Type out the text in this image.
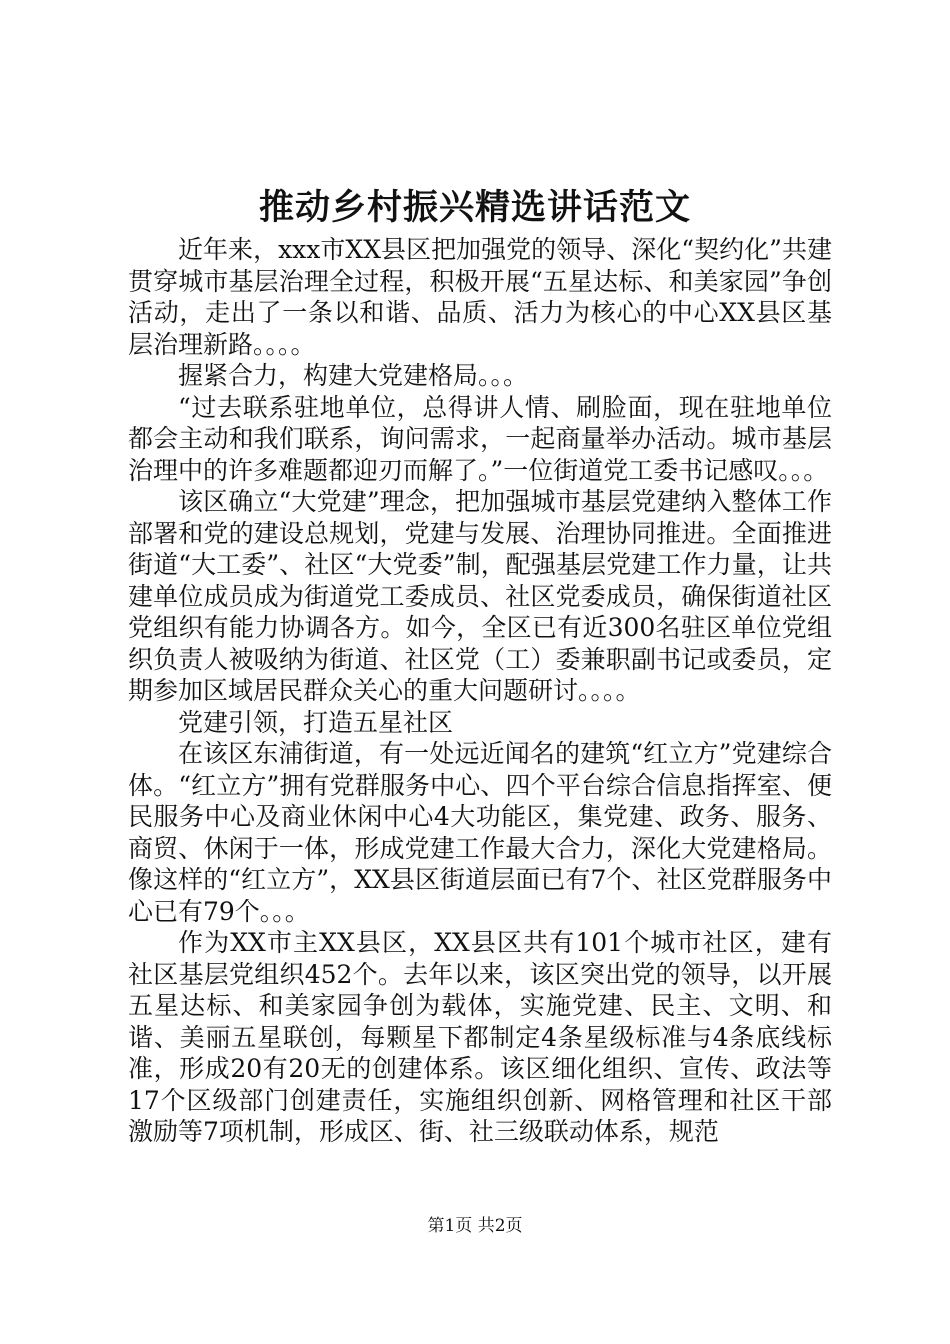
推动乡村振兴精选讲话范文

近年来，xxx市XX县区把加强党的领导、深化“契约化”共建贯穿城市基层治理全过程，积极开展“五星达标、和美家园”争创活动，走出了一条以和谐、品质、活力为核心的中心XX县区基层治理新路。。。。

握紧合力，构建大党建格局。。。

“过去联系驻地单位，总得讲人情、刷脸面，现在驻地单位都会主动和我们联系，询问需求，一起商量举办活动。城市基层治理中的许多难题都迎刃而解了。”一位街道党工委书记感叹。。。

该区确立“大党建”理念，把加强城市基层党建纳入整体工作部署和党的建设总规划，党建与发展、治理协同推进。全面推进街道“大工委”、社区“大党委”制，配强基层党建工作力量，让共建单位成员成为街道党工委成员、社区党委成员，确保街道社区党组织有能力协调各方。如今，全区已有近300名驻区单位党组织负责人被吸纳为街道、社区党（工）委兼职副书记或委员，定期参加区域居民群众关心的重大问题研讨。。。。

党建引领，打造五星社区

在该区东浦街道，有一处远近闻名的建筑“红立方”党建综合体。“红立方”拥有党群服务中心、四个平台综合信息指挥室、便民服务中心及商业休闲中心4大功能区，集党建、政务、服务、商贸、休闲于一体，形成党建工作最大合力，深化大党建格局。像这样的“红立方”，XX县区街道层面已有7个、社区党群服务中心已有79个。。。

作为XX市主XX县区，XX县区共有101个城市社区，建有社区基层党组织452个。去年以来，该区突出党的领导，以开展五星达标、和美家园争创为载体，实施党建、民主、文明、和谐、美丽五星联创，每颗星下都制定4条星级标准与4条底线标准，形成20有20无的创建体系。该区细化组织、宣传、政法等17个区级部门创建责任，实施组织创新、网格管理和社区干部激励等7项机制，形成区、街、社三级联动体系，规范

第1页 共2页
